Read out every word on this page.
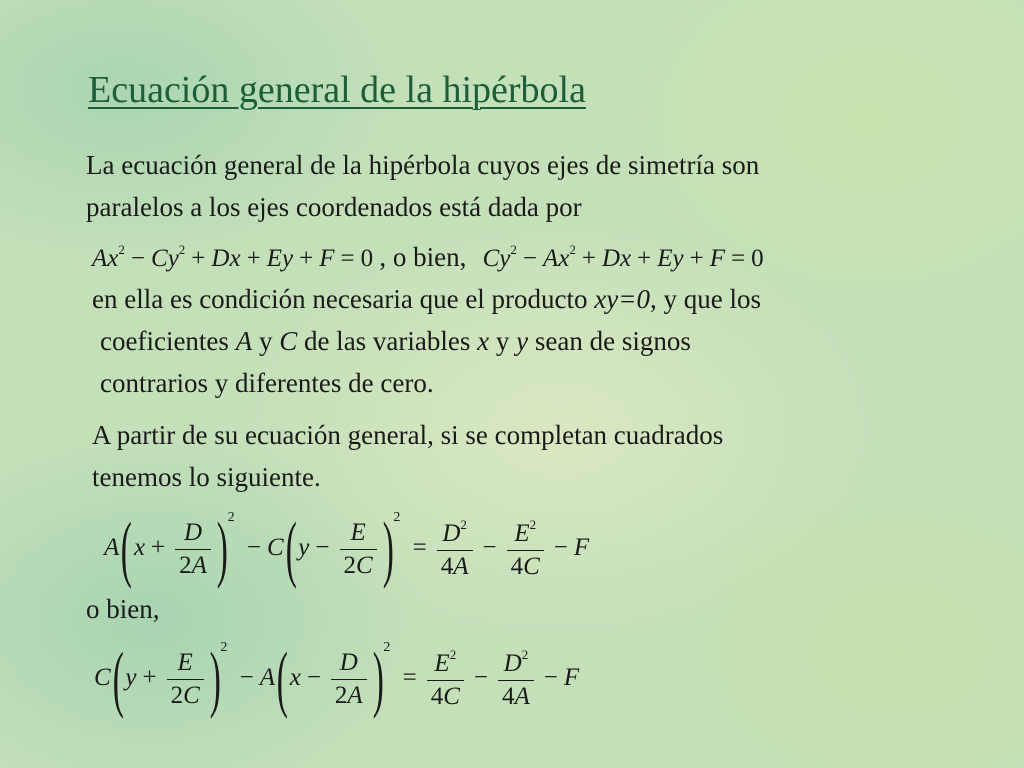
Ecuación general de la hipérbola

La ecuación general de la hipérbola cuyos ejes de simetría son
paralelos a los ejes coordenados está dada por

$Ax^2 - Cy^2 + Dx + Ey + F = 0$ , o bien, $Cy^2 - Ax^2 + Dx + Ey + F = 0$

en ella es condición necesaria que el producto xy=0, y que los
coeficientes A y C de las variables x y y sean de signos
contrarios y diferentes de cero.

A partir de su ecuación general, si se completan cuadrados
tenemos lo siguiente.

$A(x + \frac{D}{2A} )^2 - C(y - \frac{E}{2C} )^2 = \frac{D^2}{4A} - \frac{E^2}{4C} - F$
o bien,
$C(y + \frac{E}{2C} )^2 - A(x - \frac{D}{2A} )^2 = \frac{E^2}{4C} - \frac{D^2}{4A} - F$
